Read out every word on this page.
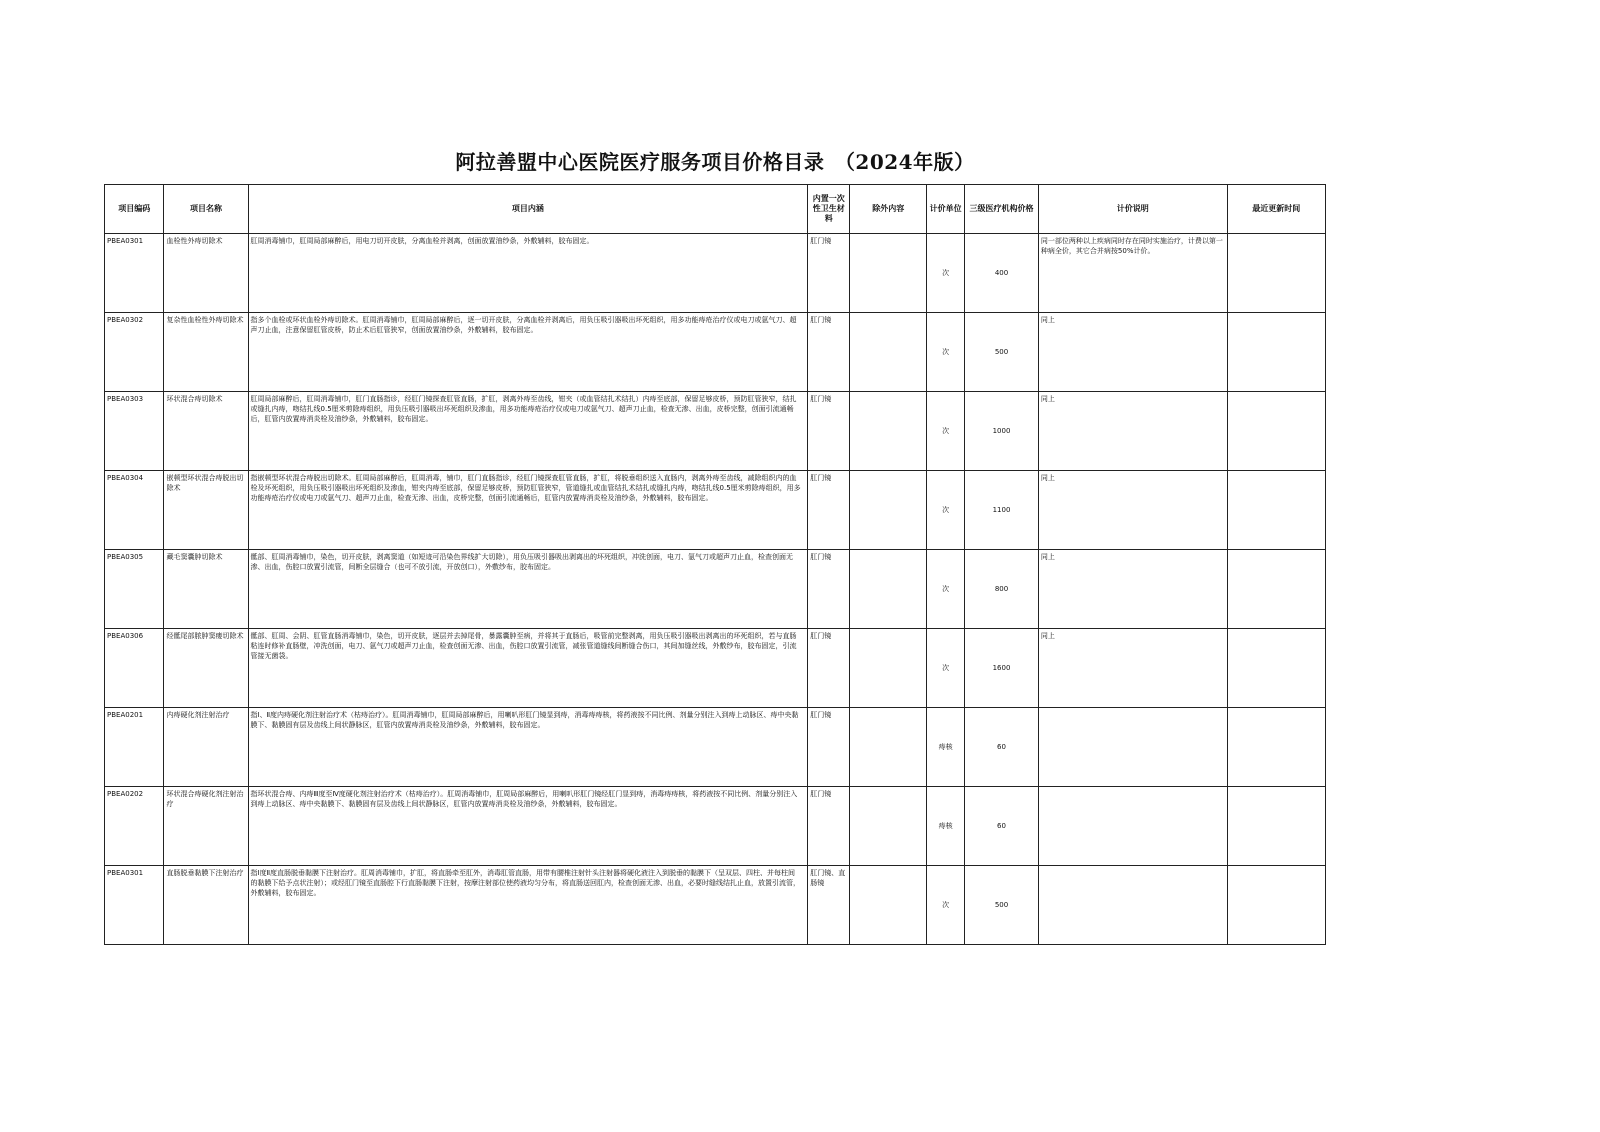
阿拉善盟中心医院医疗服务项目价格目录　（2024年版）
项目编码	项目名称	项目内涵	内置一次性卫生材料	除外内容	计价单位	三级医疗机构价格	计价说明	最近更新时间
PBEA0301	血栓性外痔切除术	肛周消毒铺巾，肛周局部麻醉后，用电刀切开皮肤，分离血栓并剥离，创面放置油纱条，外敷辅料，胶布固定。	肛门镜		次	400	同一部位两种以上疾病同时存在同时实施治疗，计费以第一种病全价，其它合并病按50%计价。	
PBEA0302	复杂性血栓性外痔切除术	指多个血栓或环状血栓外痔切除术。肛周消毒铺巾，肛周局部麻醉后，逐一切开皮肤，分离血栓并剥离后，用负压吸引器吸出坏死组织，用多功能痔疮治疗仪或电刀或氩气刀、超声刀止血，注意保留肛管皮桥，防止术后肛管狭窄，创面放置油纱条，外敷辅料，胶布固定。	肛门镜		次	500	同上	
PBEA0303	环状混合痔切除术	肛周局部麻醉后，肛周消毒铺巾，肛门直肠指诊，经肛门镜探查肛管直肠，扩肛，剥离外痔至齿线，钳夹（或血管结扎术结扎）内痔至底部，保留足够皮桥，预防肛管狭窄，结扎或缝扎内痔，吻结扎线0.5厘米剪除痔组织，用负压吸引器吸出坏死组织及渗血，用多功能痔疮治疗仪或电刀或氩气刀、超声刀止血，检查无渗、出血，皮桥完整，创面引流通畅后，肛管内放置痔消炎栓及油纱条，外敷辅料，胶布固定。	肛门镜		次	1000	同上	
PBEA0304	嵌顿型环状混合痔脱出切除术	指嵌顿型环状混合痔脱出切除术。肛周局部麻醉后，肛周消毒，铺巾，肛门直肠指诊，经肛门镜探查肛管直肠，扩肛，将脱垂组织送入直肠内，剥离外痔至齿线，减除组织内的血栓及坏死组织，用负压吸引器吸出坏死组织及渗血，钳夹内痔至底部，保留足够皮桥，预防肛管狭窄，管道缝扎或血管结扎术结扎或缝扎内痔，吻结扎线0.5厘米剪除痔组织，用多功能痔疮治疗仪或电刀或氩气刀、超声刀止血，检查无渗、出血，皮桥完整，创面引流通畅后，肛管内放置痔消炎栓及油纱条，外敷辅料，胶布固定。	肛门镜		次	1100	同上	
PBEA0305	藏毛窦囊肿切除术	骶部、肛周消毒铺巾，染色，切开皮肤，剥离窦道（如短迹可沿染色界线扩大切除），用负压吸引器吸出剥离出的坏死组织，冲洗创面，电刀、氩气刀或超声刀止血，检查创面无渗、出血，伤腔口放置引流管，间断全层缝合（也可不放引流，开放创口），外敷纱布，胶布固定。	肛门镜		次	800	同上	
PBEA0306	经骶尾部脓肿窦瘘切除术	骶部、肛周、会阴、肛管直肠消毒铺巾，染色，切开皮肤，逐层并去掉尾骨，暴露囊肿至病，并将其于直肠后，吸管前完整剥离，用负压吸引器吸出剥离出的坏死组织，若与直肠粘连时修补直肠壁，冲洗创面，电刀、氩气刀或超声刀止血，检查创面无渗、出血，伤腔口放置引流管，减张管道缝线间断缝合伤口，其间加缝丝线，外敷纱布，胶布固定，引流管接无菌袋。	肛门镜		次	1600	同上	
PBEA0201	内痔硬化剂注射治疗	指Ⅰ、Ⅱ度内痔硬化剂注射治疗术（枯痔治疗）。肛周消毒铺巾，肛周局部麻醉后，用喇叭形肛门镜显到痔，消毒痔痔核，将药液按不同比例、剂量分别注入到痔上动脉区、痔中央黏膜下、黏膜固有层及齿线上间状静脉区，肛管内放置痔消炎栓及油纱条，外敷辅料，胶布固定。	肛门镜		痔核	60		
PBEA0202	环状混合痔硬化剂注射治疗	指环状混合痔、内痔Ⅲ度至Ⅳ度硬化剂注射治疗术（枯痔治疗）。肛周消毒铺巾，肛周局部麻醉后，用喇叭形肛门镜经肛门显到痔，消毒痔痔核，将药液按不同比例、剂量分别注入到痔上动脉区、痔中央黏膜下、黏膜固有层及齿线上间状静脉区，肛管内放置痔消炎栓及油纱条，外敷辅料，胶布固定。	肛门镜		痔核	60		
PBEA0301	直肠脱垂黏膜下注射治疗	指Ⅰ度Ⅱ度直肠脱垂黏膜下注射治疗。肛周消毒铺巾，扩肛，将直肠牵至肛外，消毒肛管直肠，用带有腰椎注射针头注射器将硬化液注入到脱垂的黏膜下（呈双层、四柱、并每柱间的黏膜下给予点状注射）；或经肛门镜至直肠腔下行直肠黏膜下注射，按摩注射部位使药液均匀分布，将直肠送回肛内，检查创面无渗、出血，必要时缝线结扎止血，放置引流管，外敷辅料，胶布固定。	肛门镜、直肠镜		次	500		
